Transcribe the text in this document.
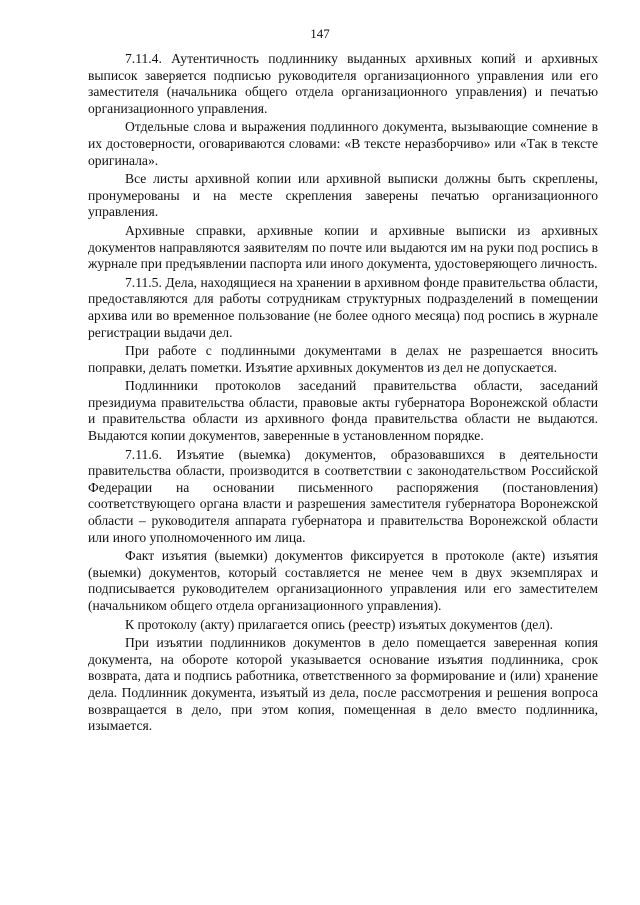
147

7.11.4. Аутентичность подлиннику выданных архивных копий и архивных выписок заверяется подписью руководителя организационного управления или его заместителя (начальника общего отдела организационного управления) и печатью организационного управления.

Отдельные слова и выражения подлинного документа, вызывающие сомнение в их достоверности, оговариваются словами: «В тексте неразборчиво» или «Так в тексте оригинала».

Все листы архивной копии или архивной выписки должны быть скреплены, пронумерованы и на месте скрепления заверены печатью организационного управления.

Архивные справки, архивные копии и архивные выписки из архивных документов направляются заявителям по почте или выдаются им на руки под роспись в журнале при предъявлении паспорта или иного документа, удостоверяющего личность.

7.11.5. Дела, находящиеся на хранении в архивном фонде правительства области, предоставляются для работы сотрудникам структурных подразделений в помещении архива или во временное пользование (не более одного месяца) под роспись в журнале регистрации выдачи дел.

При работе с подлинными документами в делах не разрешается вносить поправки, делать пометки. Изъятие архивных документов из дел не допускается.

Подлинники протоколов заседаний правительства области, заседаний президиума правительства области, правовые акты губернатора Воронежской области и правительства области из архивного фонда правительства области не выдаются. Выдаются копии документов, заверенные в установленном порядке.

7.11.6. Изъятие (выемка) документов, образовавшихся в деятельности правительства области, производится в соответствии с законодательством Российской Федерации на основании письменного распоряжения (постановления) соответствующего органа власти и разрешения заместителя губернатора Воронежской области – руководителя аппарата губернатора и правительства Воронежской области или иного уполномоченного им лица.

Факт изъятия (выемки) документов фиксируется в протоколе (акте) изъятия (выемки) документов, который составляется не менее чем в двух экземплярах и подписывается руководителем организационного управления или его заместителем (начальником общего отдела организационного управления).

К протоколу (акту) прилагается опись (реестр) изъятых документов (дел).

При изъятии подлинников документов в дело помещается заверенная копия документа, на обороте которой указывается основание изъятия подлинника, срок возврата, дата и подпись работника, ответственного за формирование и (или) хранение дела. Подлинник документа, изъятый из дела, после рассмотрения и решения вопроса возвращается в дело, при этом копия, помещенная в дело вместо подлинника, изымается.
